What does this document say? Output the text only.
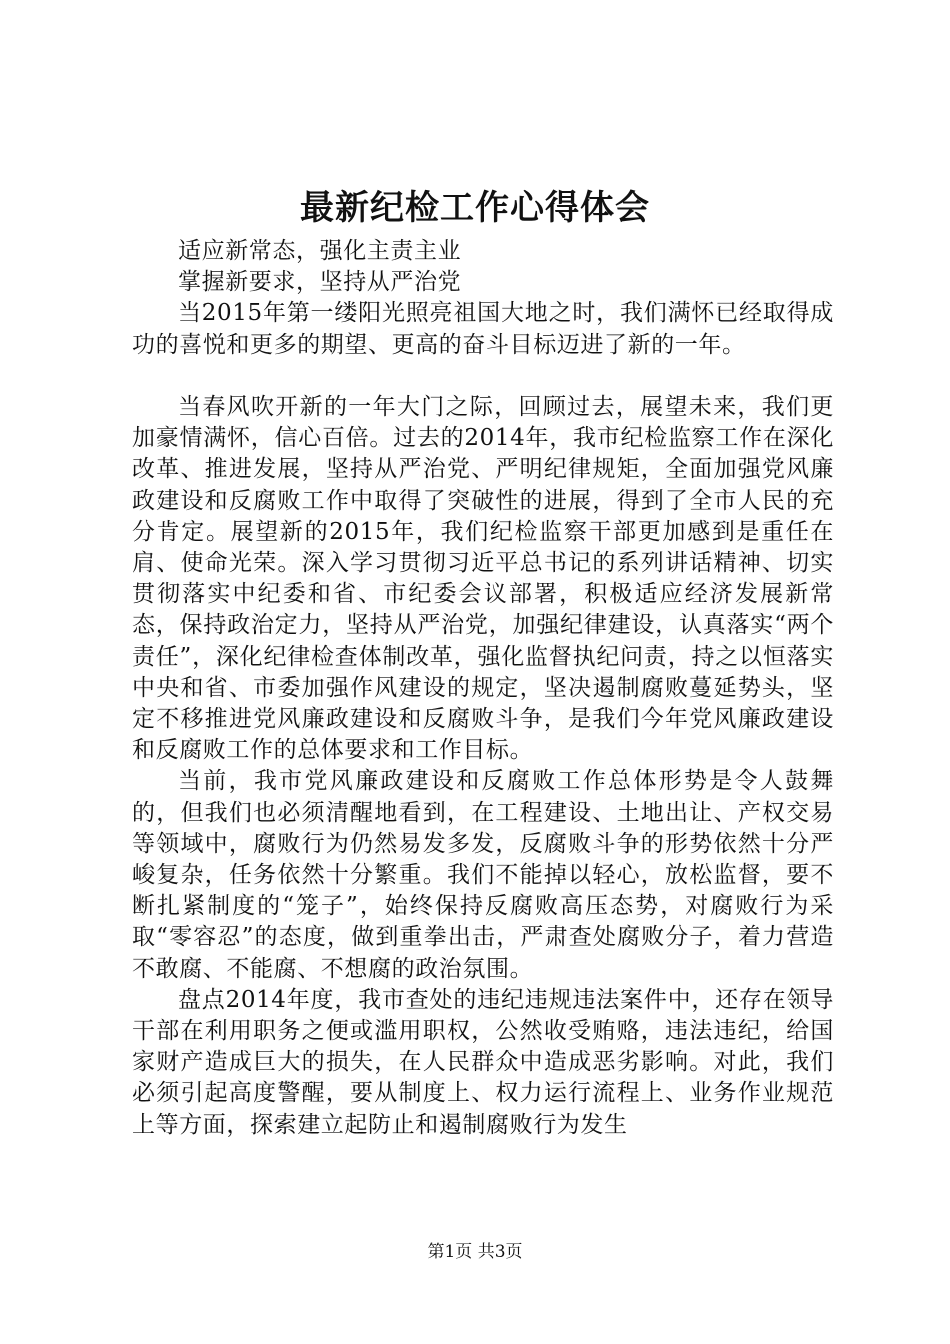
最新纪检工作心得体会

适应新常态，强化主责主业

掌握新要求，坚持从严治党

当2015年第一缕阳光照亮祖国大地之时，我们满怀已经取得成功的喜悦和更多的期望、更高的奋斗目标迈进了新的一年。

当春风吹开新的一年大门之际，回顾过去，展望未来，我们更加豪情满怀，信心百倍。过去的2014年，我市纪检监察工作在深化改革、推进发展，坚持从严治党、严明纪律规矩，全面加强党风廉政建设和反腐败工作中取得了突破性的进展，得到了全市人民的充分肯定。展望新的2015年，我们纪检监察干部更加感到是重任在肩、使命光荣。深入学习贯彻习近平总书记的系列讲话精神、切实贯彻落实中纪委和省、市纪委会议部署，积极适应经济发展新常态，保持政治定力，坚持从严治党，加强纪律建设，认真落实“两个责任”，深化纪律检查体制改革，强化监督执纪问责，持之以恒落实中央和省、市委加强作风建设的规定，坚决遏制腐败蔓延势头，坚定不移推进党风廉政建设和反腐败斗争，是我们今年党风廉政建设和反腐败工作的总体要求和工作目标。

当前，我市党风廉政建设和反腐败工作总体形势是令人鼓舞的，但我们也必须清醒地看到，在工程建设、土地出让、产权交易等领域中，腐败行为仍然易发多发，反腐败斗争的形势依然十分严峻复杂，任务依然十分繁重。我们不能掉以轻心，放松监督，要不断扎紧制度的“笼子”，始终保持反腐败高压态势，对腐败行为采取“零容忍”的态度，做到重拳出击，严肃查处腐败分子，着力营造不敢腐、不能腐、不想腐的政治氛围。

盘点2014年度，我市查处的违纪违规违法案件中，还存在领导干部在利用职务之便或滥用职权，公然收受贿赂，违法违纪，给国家财产造成巨大的损失，在人民群众中造成恶劣影响。对此，我们必须引起高度警醒，要从制度上、权力运行流程上、业务作业规范上等方面，探索建立起防止和遏制腐败行为发生

第1页 共3页
